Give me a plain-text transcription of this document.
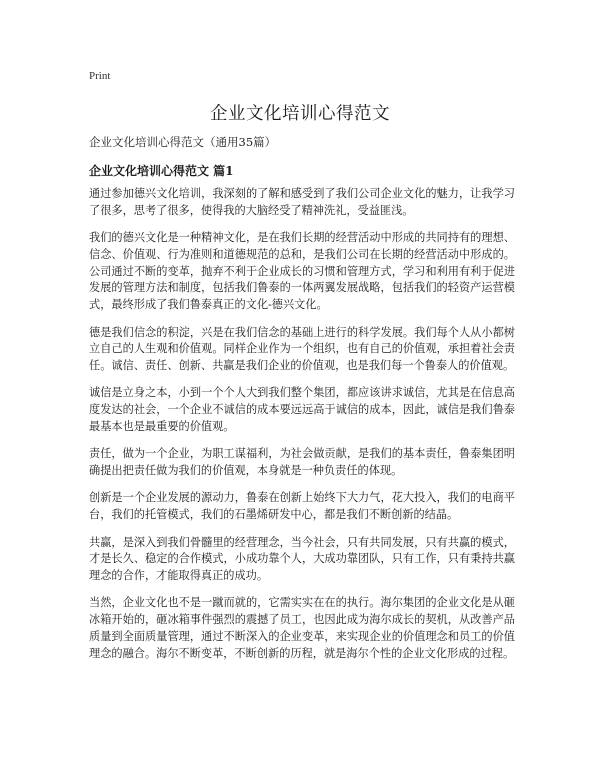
Print
企业文化培训心得范文
企业文化培训心得范文（通用35篇）
企业文化培训心得范文 篇1

通过参加德兴文化培训，我深刻的了解和感受到了我们公司企业文化的魅力，让我学习了很多，思考了很多，使得我的大脑经受了精神洗礼，受益匪浅。

我们的德兴文化是一种精神文化，是在我们长期的经营活动中形成的共同持有的理想、信念、价值观、行为准则和道德规范的总和，是我们公司在长期的经营活动中形成的。公司通过不断的变革，抛弃不利于企业成长的习惯和管理方式，学习和利用有利于促进发展的管理方法和制度，包括我们鲁泰的一体两翼发展战略，包括我们的轻资产运营模式，最终形成了我们鲁泰真正的文化-德兴文化。

德是我们信念的积淀，兴是在我们信念的基础上进行的科学发展。我们每个人从小都树立自己的人生观和价值观。同样企业作为一个组织，也有自己的价值观，承担着社会责任。诚信、责任、创新、共赢是我们企业的价值观，也是我们每一个鲁泰人的价值观。

诚信是立身之本，小到一个个人大到我们整个集团，都应该讲求诚信，尤其是在信息高度发达的社会，一个企业不诚信的成本要远远高于诚信的成本，因此，诚信是我们鲁泰最基本也是最重要的价值观。

责任，做为一个企业，为职工谋福利，为社会做贡献，是我们的基本责任，鲁泰集团明确提出把责任做为我们的价值观，本身就是一种负责任的体现。

创新是一个企业发展的源动力，鲁泰在创新上始终下大力气，花大投入，我们的电商平台，我们的托管模式，我们的石墨烯研发中心，都是我们不断创新的结晶。

共赢，是深入到我们骨髓里的经营理念，当今社会，只有共同发展，只有共赢的模式，才是长久、稳定的合作模式，小成功靠个人，大成功靠团队，只有工作，只有秉持共赢理念的合作，才能取得真正的成功。

当然，企业文化也不是一蹴而就的，它需实实在在的执行。海尔集团的企业文化是从砸冰箱开始的，砸冰箱事件强烈的震撼了员工，也因此成为海尔成长的契机，从改善产品质量到全面质量管理，通过不断深入的企业变革，来实现企业的价值理念和员工的价值理念的融合。海尔不断变革，不断创新的历程，就是海尔个性的企业文化形成的过程。
